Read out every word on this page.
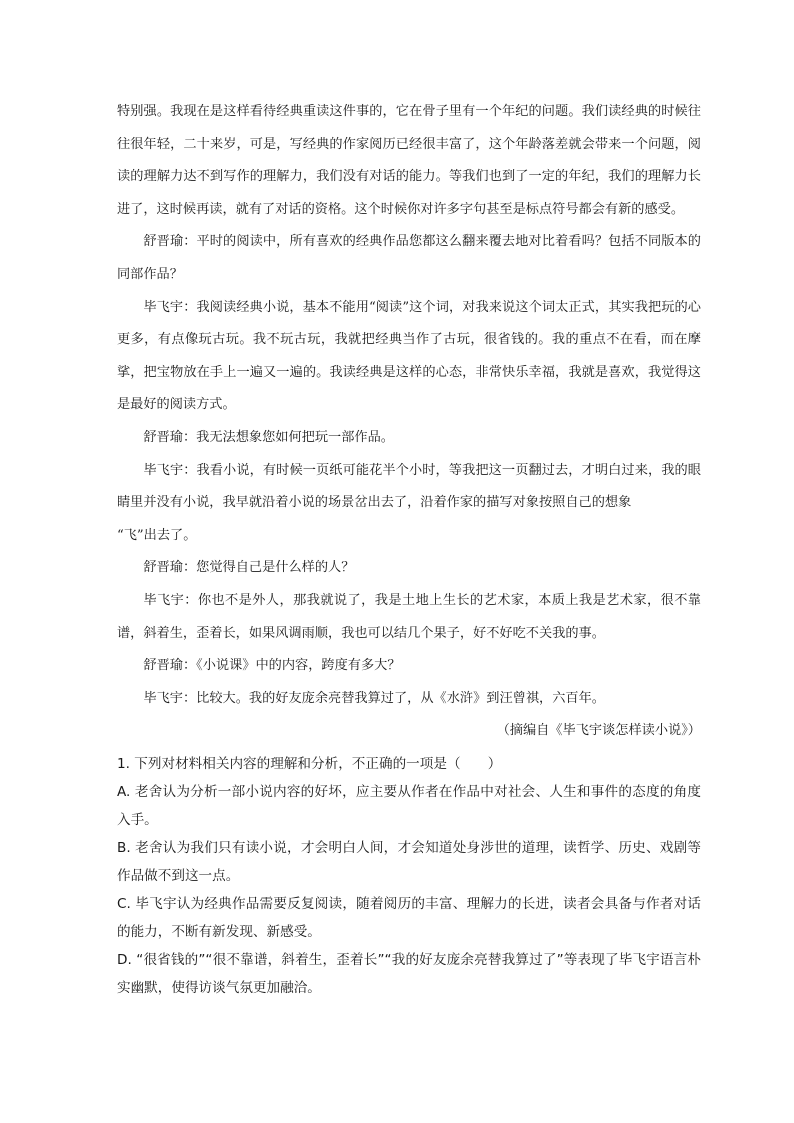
特别强。我现在是这样看待经典重读这件事的，它在骨子里有一个年纪的问题。我们读经典的时候往往很年轻，二十来岁，可是，写经典的作家阅历已经很丰富了，这个年龄落差就会带来一个问题，阅读的理解力达不到写作的理解力，我们没有对话的能力。等我们也到了一定的年纪，我们的理解力长进了，这时候再读，就有了对话的资格。这个时候你对许多字句甚至是标点符号都会有新的感受。

舒晋瑜：平时的阅读中，所有喜欢的经典作品您都这么翻来覆去地对比着看吗？包括不同版本的同部作品？

毕飞宇：我阅读经典小说，基本不能用“阅读”这个词，对我来说这个词太正式，其实我把玩的心更多，有点像玩古玩。我不玩古玩，我就把经典当作了古玩，很省钱的。我的重点不在看，而在摩挲，把宝物放在手上一遍又一遍的。我读经典是这样的心态，非常快乐幸福，我就是喜欢，我觉得这是最好的阅读方式。

舒晋瑜：我无法想象您如何把玩一部作品。

毕飞宇：我看小说，有时候一页纸可能花半个小时，等我把这一页翻过去，才明白过来，我的眼睛里并没有小说，我早就沿着小说的场景岔出去了，沿着作家的描写对象按照自己的想象

“飞”出去了。

舒晋瑜：您觉得自己是什么样的人？

毕飞宇：你也不是外人，那我就说了，我是土地上生长的艺术家，本质上我是艺术家，很不靠谱，斜着生，歪着长，如果风调雨顺，我也可以结几个果子，好不好吃不关我的事。

舒晋瑜：《小说课》中的内容，跨度有多大？

毕飞宇：比较大。我的好友庞余亮替我算过了，从《水浒》到汪曾祺，六百年。

（摘编自《毕飞宇谈怎样读小说》）

1. 下列对材料相关内容的理解和分析，不正确的一项是（　　）

A. 老舍认为分析一部小说内容的好坏，应主要从作者在作品中对社会、人生和事件的态度的角度入手。

B. 老舍认为我们只有读小说，才会明白人间，才会知道处身涉世的道理，读哲学、历史、戏剧等作品做不到这一点。

C. 毕飞宇认为经典作品需要反复阅读，随着阅历的丰富、理解力的长进，读者会具备与作者对话的能力，不断有新发现、新感受。

D. “很省钱的”“很不靠谱，斜着生，歪着长”“我的好友庞余亮替我算过了”等表现了毕飞宇语言朴实幽默，使得访谈气氛更加融洽。
